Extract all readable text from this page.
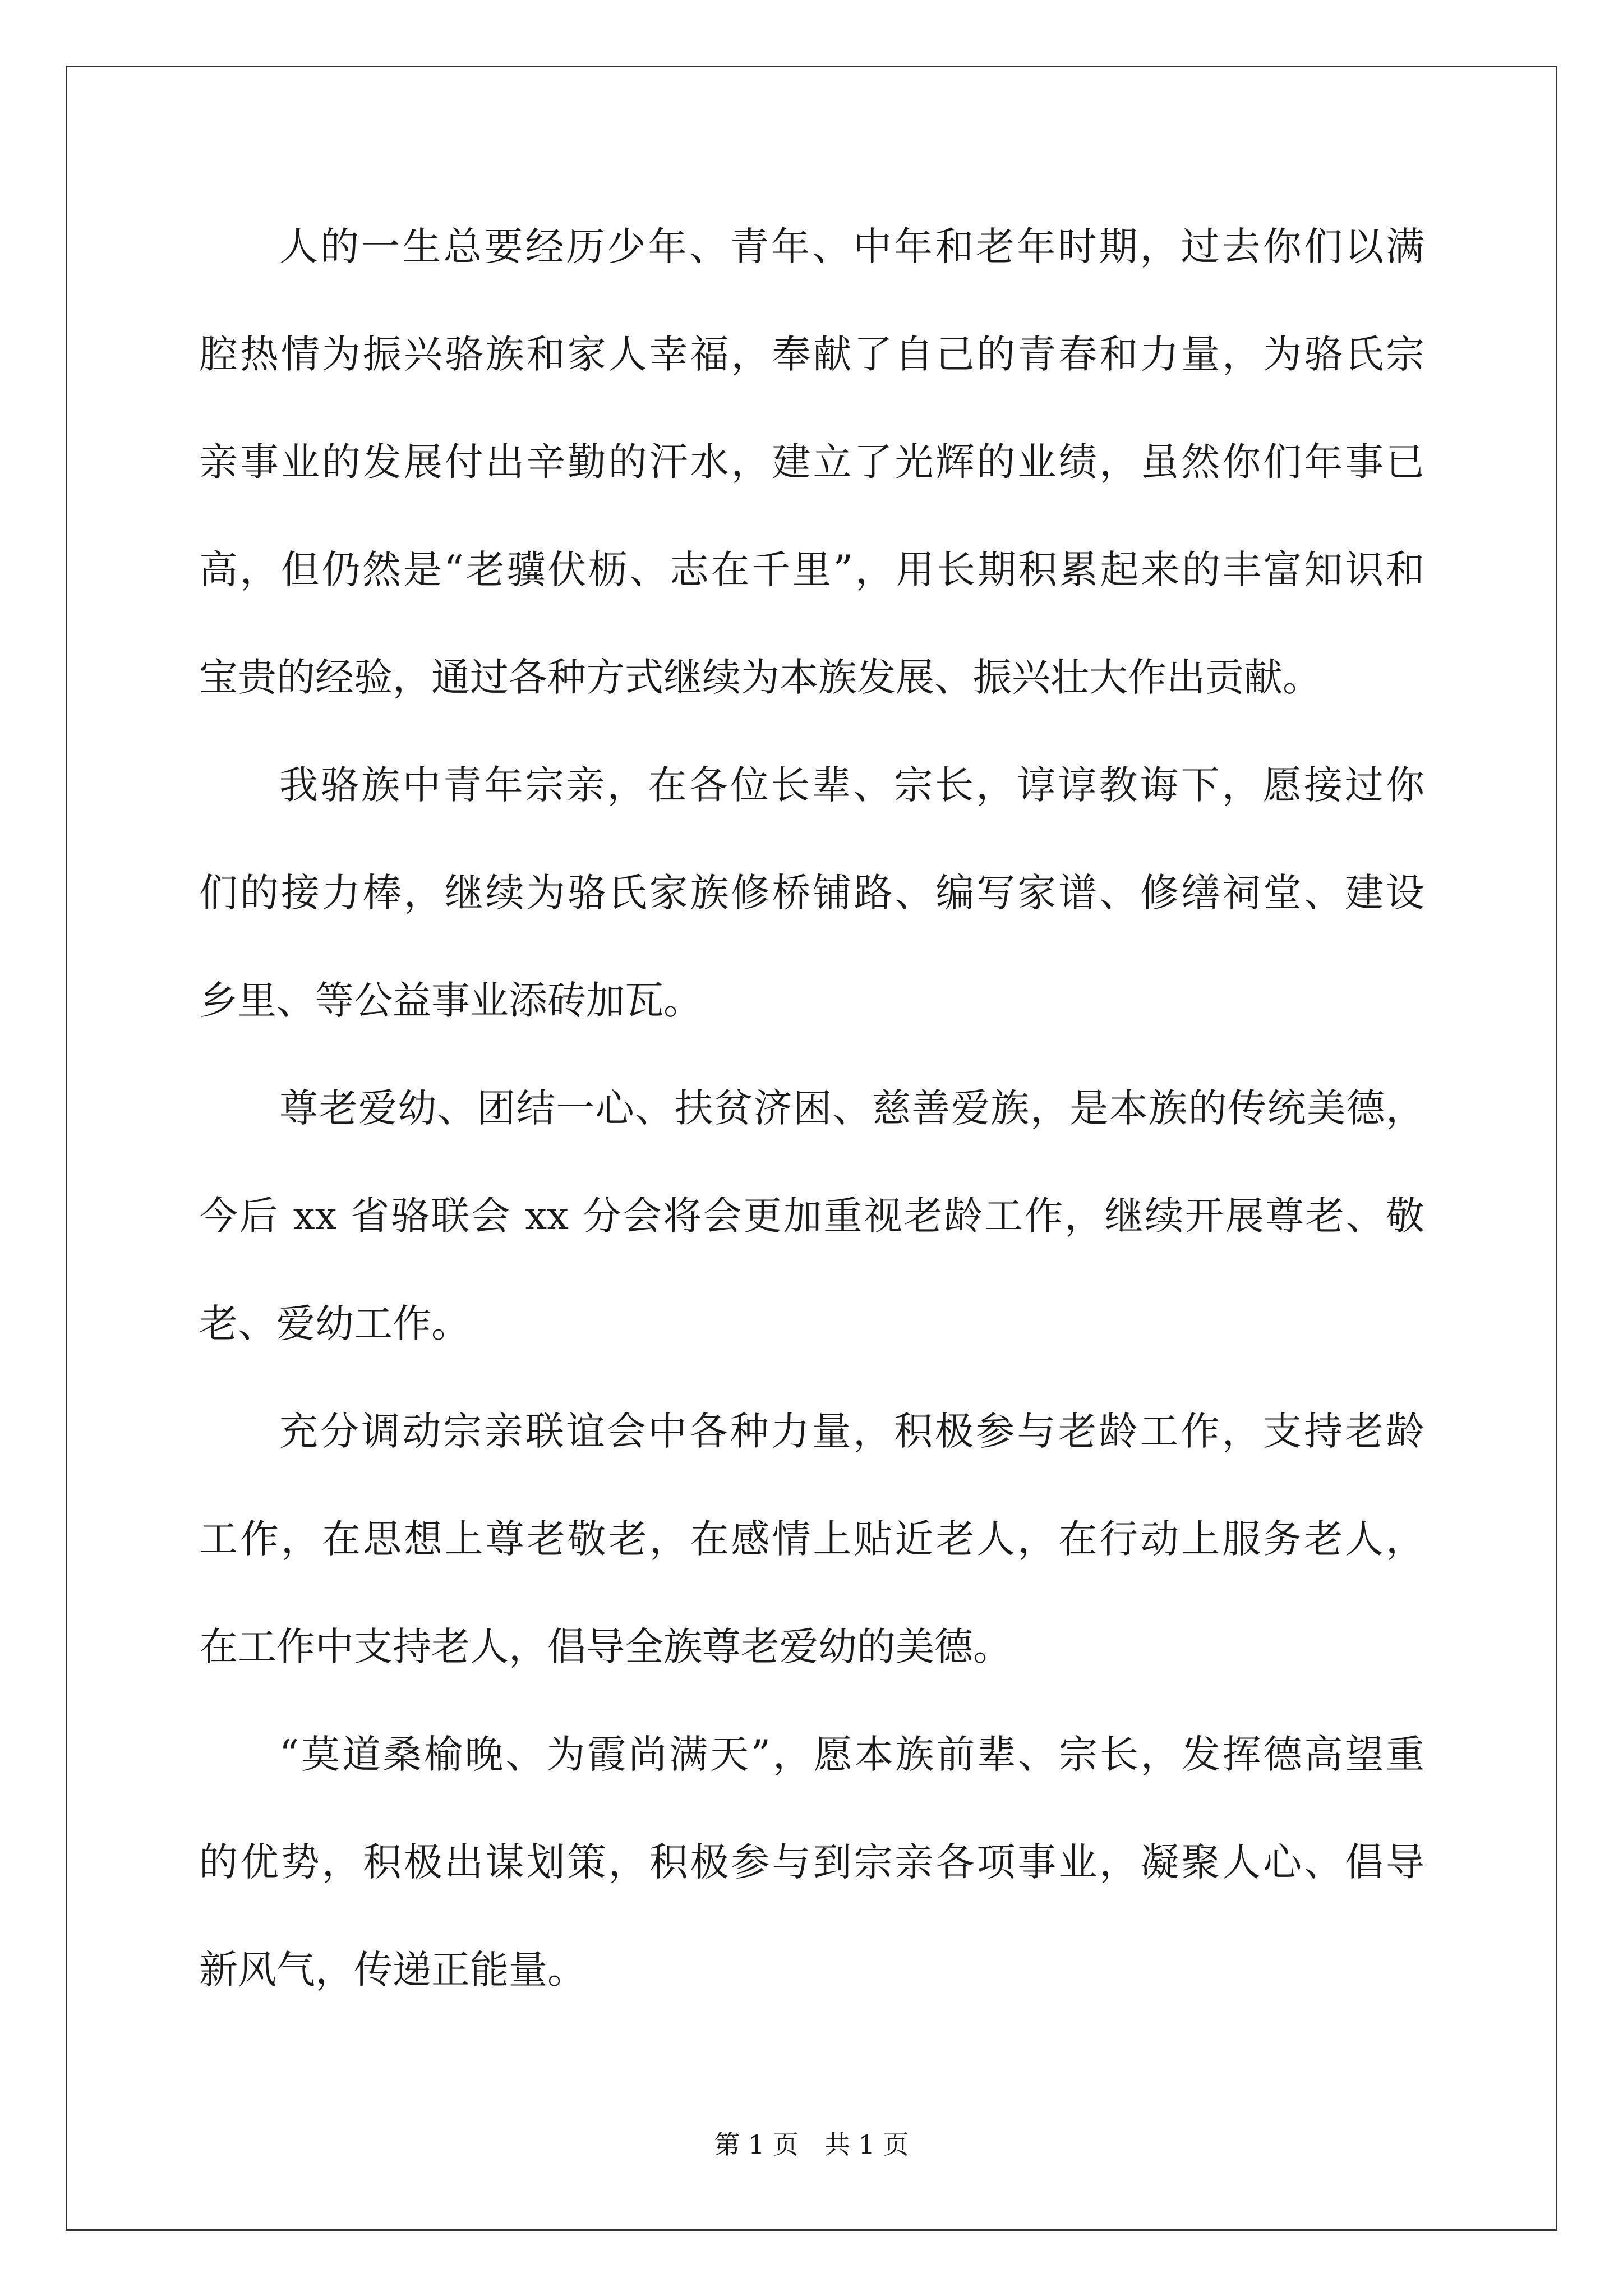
人的一生总要经历少年、青年、中年和老年时期，过去你们以满
腔热情为振兴骆族和家人幸福，奉献了自己的青春和力量，为骆氏宗
亲事业的发展付出辛勤的汗水，建立了光辉的业绩，虽然你们年事已
高，但仍然是“老骥伏枥、志在千里”，用长期积累起来的丰富知识和
宝贵的经验，通过各种方式继续为本族发展、振兴壮大作出贡献。
我骆族中青年宗亲，在各位长辈、宗长，谆谆教诲下，愿接过你
们的接力棒，继续为骆氏家族修桥铺路、编写家谱、修缮祠堂、建设
乡里、等公益事业添砖加瓦。
尊老爱幼、团结一心、扶贫济困、慈善爱族，是本族的传统美德，
今后 xx 省骆联会 xx 分会将会更加重视老龄工作，继续开展尊老、敬
老、爱幼工作。
充分调动宗亲联谊会中各种力量，积极参与老龄工作，支持老龄
工作，在思想上尊老敬老，在感情上贴近老人，在行动上服务老人，
在工作中支持老人，倡导全族尊老爱幼的美德。
“莫道桑榆晚、为霞尚满天”，愿本族前辈、宗长，发挥德高望重
的优势，积极出谋划策，积极参与到宗亲各项事业，凝聚人心、倡导
新风气，传递正能量。
第 1 页　共 1 页
